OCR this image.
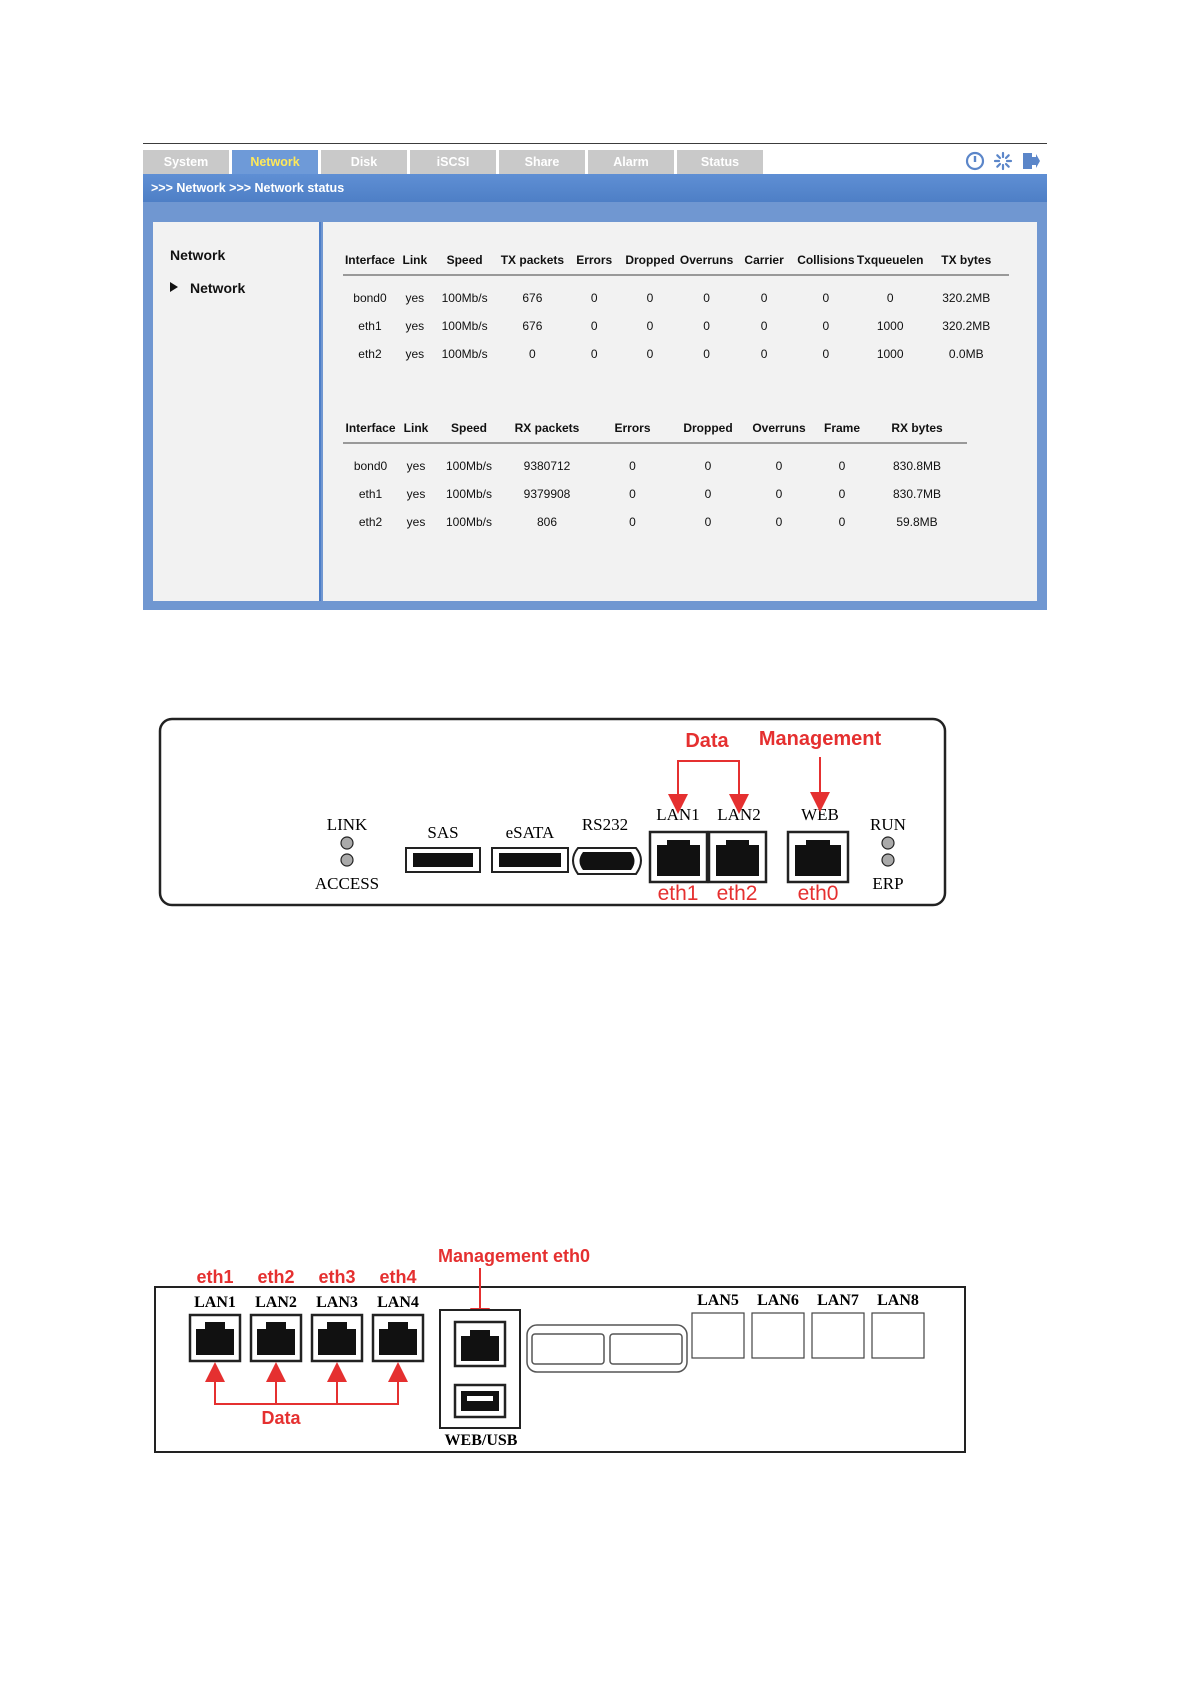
System	Network	Disk	iSCSI	Share	Alarm	Status
>>> Network >>> Network status
Network
Network
Interface	Link	Speed	TX packets	Errors	Dropped	Overruns	Carrier	Collisions	Txqueuelen	TX bytes
bond0	yes	100Mb/s	676	0	0	0	0	0	0	320.2MB
eth1	yes	100Mb/s	676	0	0	0	0	0	1000	320.2MB
eth2	yes	100Mb/s	0	0	0	0	0	0	1000	0.0MB
Interface	Link	Speed	RX packets	Errors	Dropped	Overruns	Frame	RX bytes
bond0	yes	100Mb/s	9380712	0	0	0	0	830.8MB
eth1	yes	100Mb/s	9379908	0	0	0	0	830.7MB
eth2	yes	100Mb/s	806	0	0	0	0	59.8MB
LINK
ACCESS
SAS	eSATA RS232
LAN1 LAN2 WEB
RUN
ERP
Data Management
eth1 eth2 eth0
eth1 eth2 eth3 eth4
LAN1 LAN2 LAN3 LAN4
Data
Management eth0
WEB/USB
LAN5 LAN6 LAN7 LAN8
